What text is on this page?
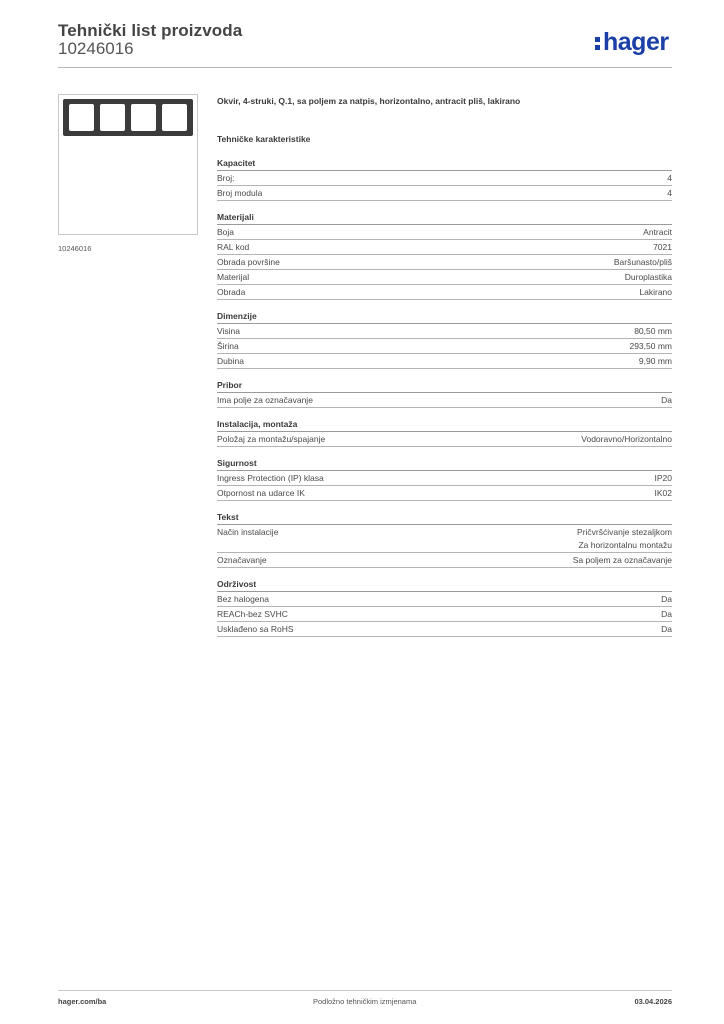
Tehnički list proizvoda
10246016	hager
10246016
Okvir, 4-struki, Q.1, sa poljem za natpis, horizontalno, antracit pliš, lakirano
Tehničke karakteristike
Kapacitet
Broj:	4
Broj modula	4
Materijali
Boja	Antracit
RAL kod	7021
Obrada površine	Baršunasto/pliš
Materijal	Duroplastika
Obrada	Lakirano
Dimenzije
Visina	80,50 mm
Širina	293,50 mm
Dubina	9,90 mm
Pribor
Ima polje za označavanje	Da
Instalacija, montaža
Položaj za montažu/spajanje	Vodoravno/Horizontalno
Sigurnost
Ingress Protection (IP) klasa	IP20
Otpornost na udarce IK	IK02
Tekst
Način instalacije	Pričvršćivanje stezaljkom
Za horizontalnu montažu
Označavanje	Sa poljem za označavanje
Održivost
Bez halogena	Da
REACh-bez SVHC	Da
Usklađeno sa RoHS	Da
hager.com/ba	Podložno tehničkim izmjenama	03.04.2026
